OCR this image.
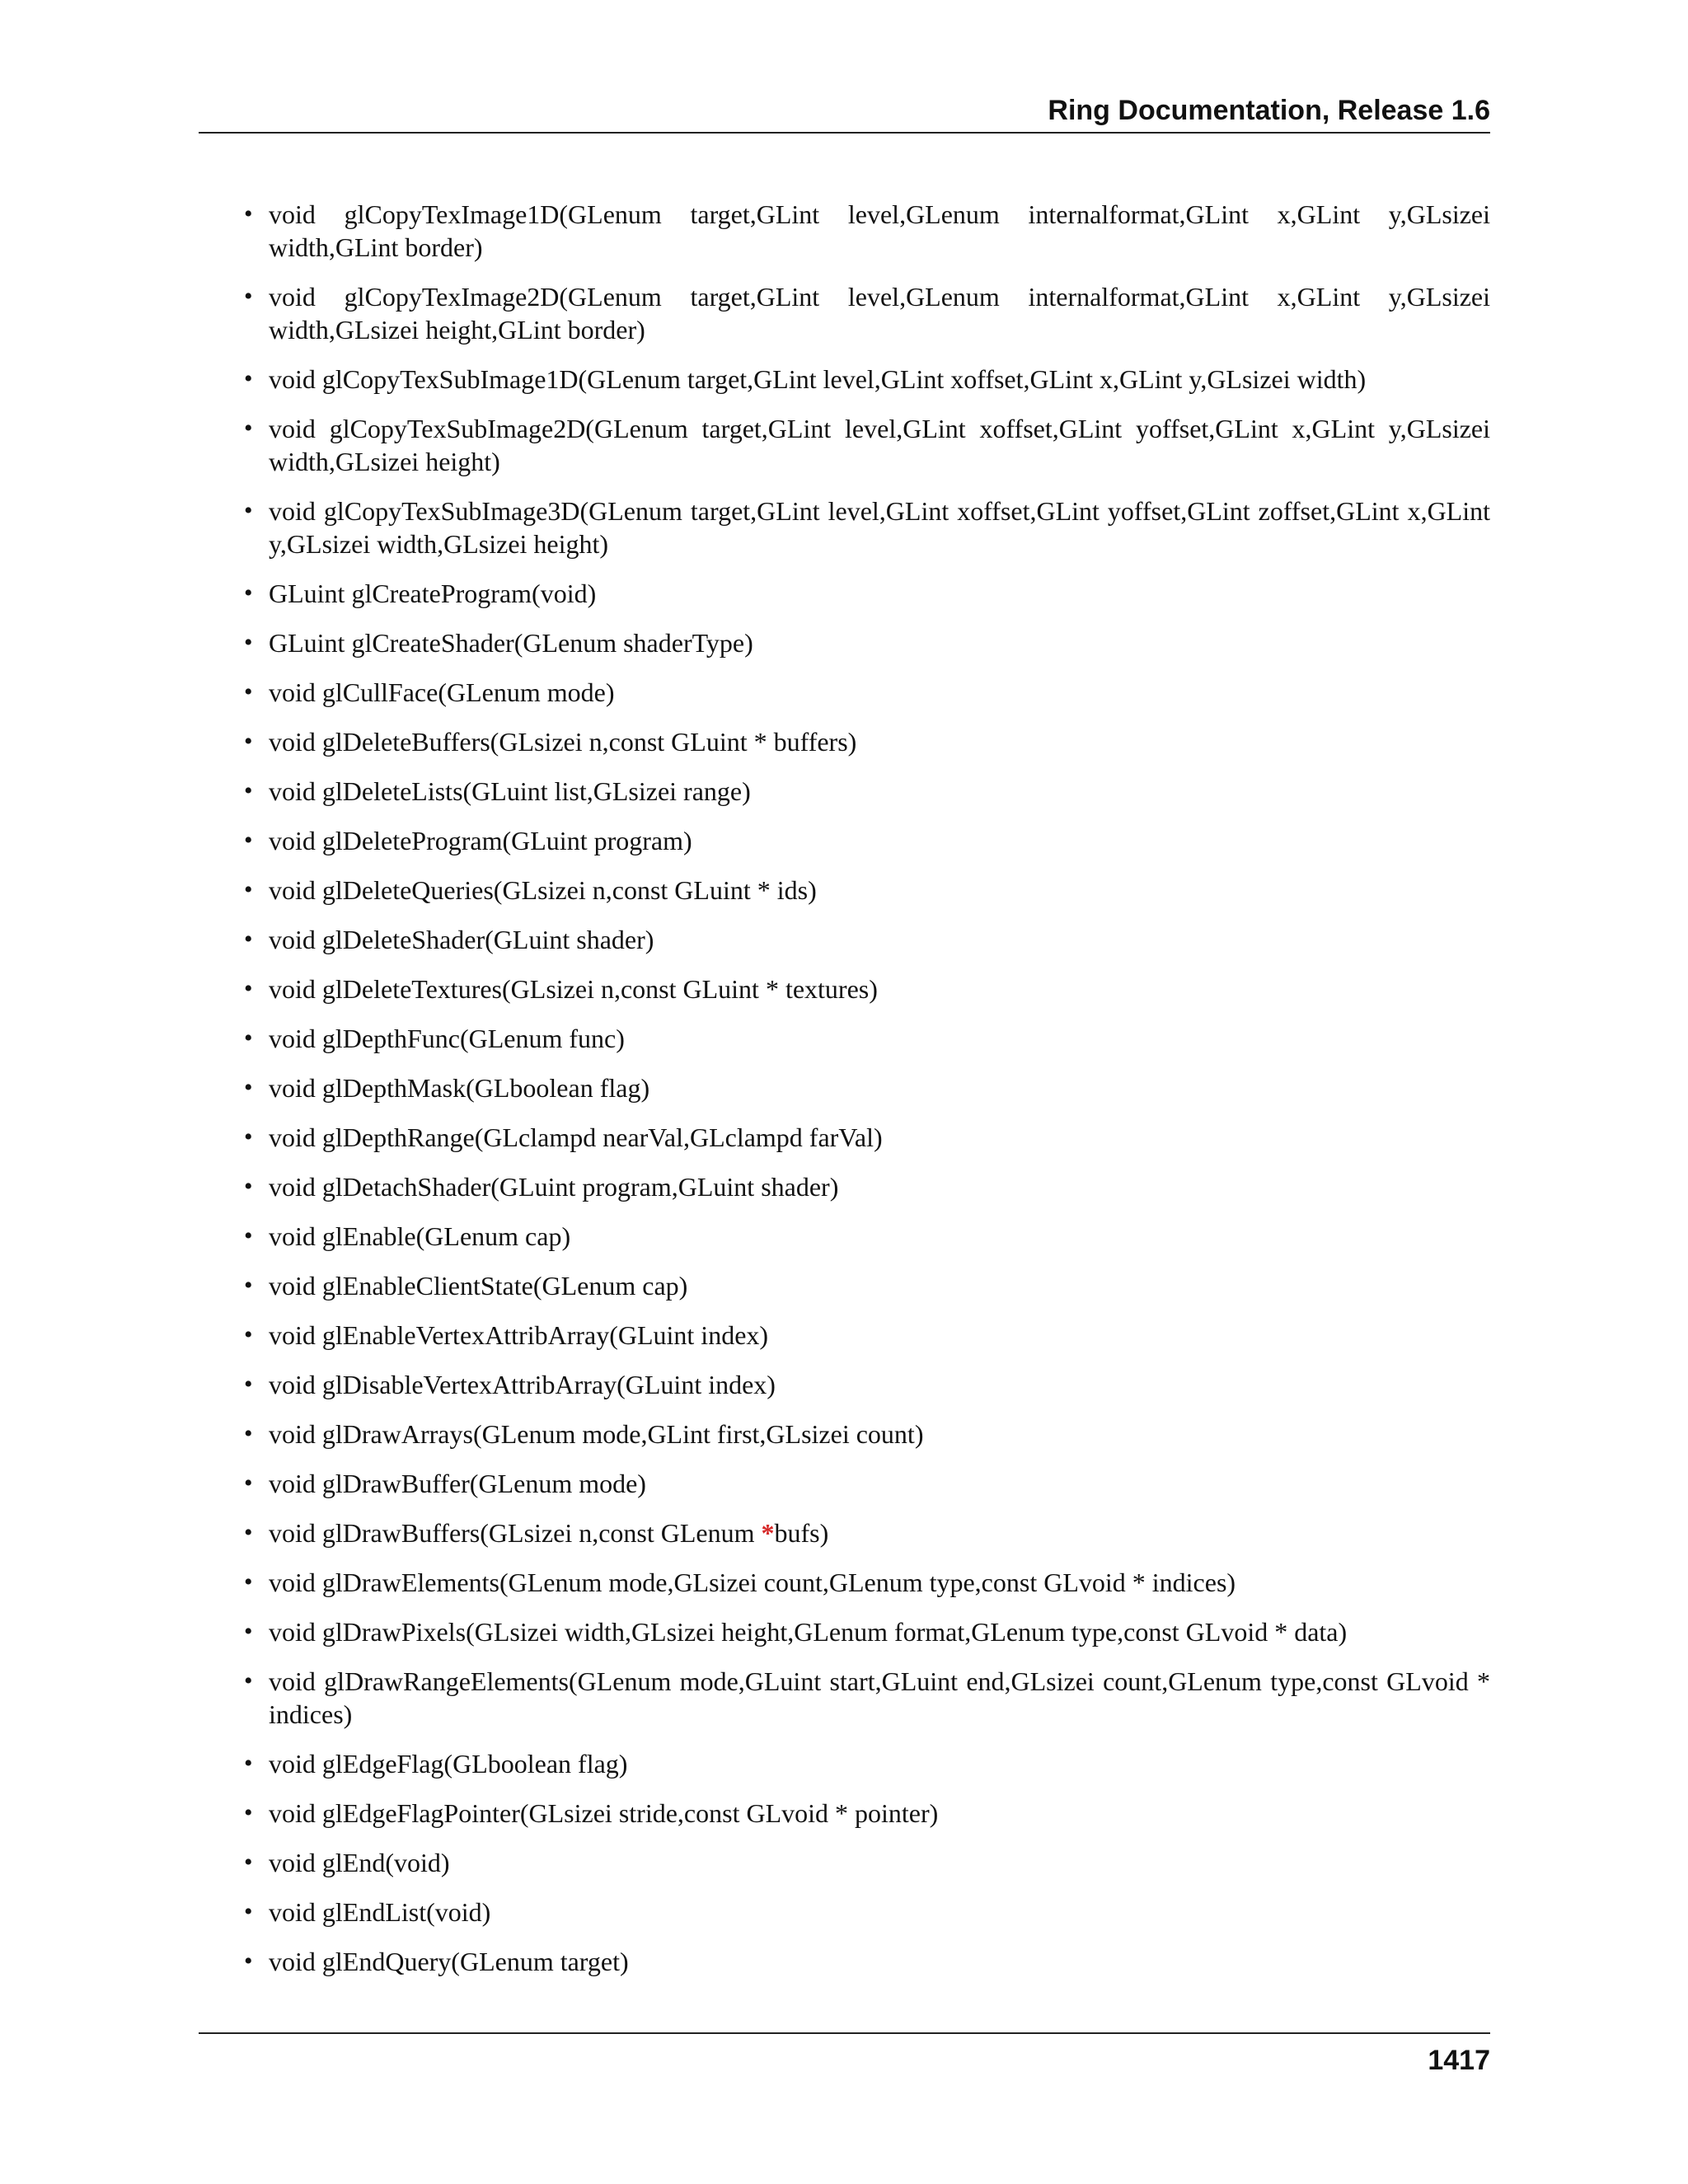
Ring Documentation, Release 1.6
• void glCopyTexImage1D(GLenum target,GLint level,GLenum internalformat,GLint x,GLint y,GLsizei width,GLint border)
• void glCopyTexImage2D(GLenum target,GLint level,GLenum internalformat,GLint x,GLint y,GLsizei width,GLsizei height,GLint border)
• void glCopyTexSubImage1D(GLenum target,GLint level,GLint xoffset,GLint x,GLint y,GLsizei width)
• void glCopyTexSubImage2D(GLenum target,GLint level,GLint xoffset,GLint yoffset,GLint x,GLint y,GLsizei width,GLsizei height)
• void glCopyTexSubImage3D(GLenum target,GLint level,GLint xoffset,GLint yoffset,GLint zoffset,GLint x,GLint y,GLsizei width,GLsizei height)
• GLuint glCreateProgram(void)
• GLuint glCreateShader(GLenum shaderType)
• void glCullFace(GLenum mode)
• void glDeleteBuffers(GLsizei n,const GLuint * buffers)
• void glDeleteLists(GLuint list,GLsizei range)
• void glDeleteProgram(GLuint program)
• void glDeleteQueries(GLsizei n,const GLuint * ids)
• void glDeleteShader(GLuint shader)
• void glDeleteTextures(GLsizei n,const GLuint * textures)
• void glDepthFunc(GLenum func)
• void glDepthMask(GLboolean flag)
• void glDepthRange(GLclampd nearVal,GLclampd farVal)
• void glDetachShader(GLuint program,GLuint shader)
• void glEnable(GLenum cap)
• void glEnableClientState(GLenum cap)
• void glEnableVertexAttribArray(GLuint index)
• void glDisableVertexAttribArray(GLuint index)
• void glDrawArrays(GLenum mode,GLint first,GLsizei count)
• void glDrawBuffer(GLenum mode)
• void glDrawBuffers(GLsizei n,const GLenum *bufs)
• void glDrawElements(GLenum mode,GLsizei count,GLenum type,const GLvoid * indices)
• void glDrawPixels(GLsizei width,GLsizei height,GLenum format,GLenum type,const GLvoid * data)
• void glDrawRangeElements(GLenum mode,GLuint start,GLuint end,GLsizei count,GLenum type,const GLvoid * indices)
• void glEdgeFlag(GLboolean flag)
• void glEdgeFlagPointer(GLsizei stride,const GLvoid * pointer)
• void glEnd(void)
• void glEndList(void)
• void glEndQuery(GLenum target)
1417
